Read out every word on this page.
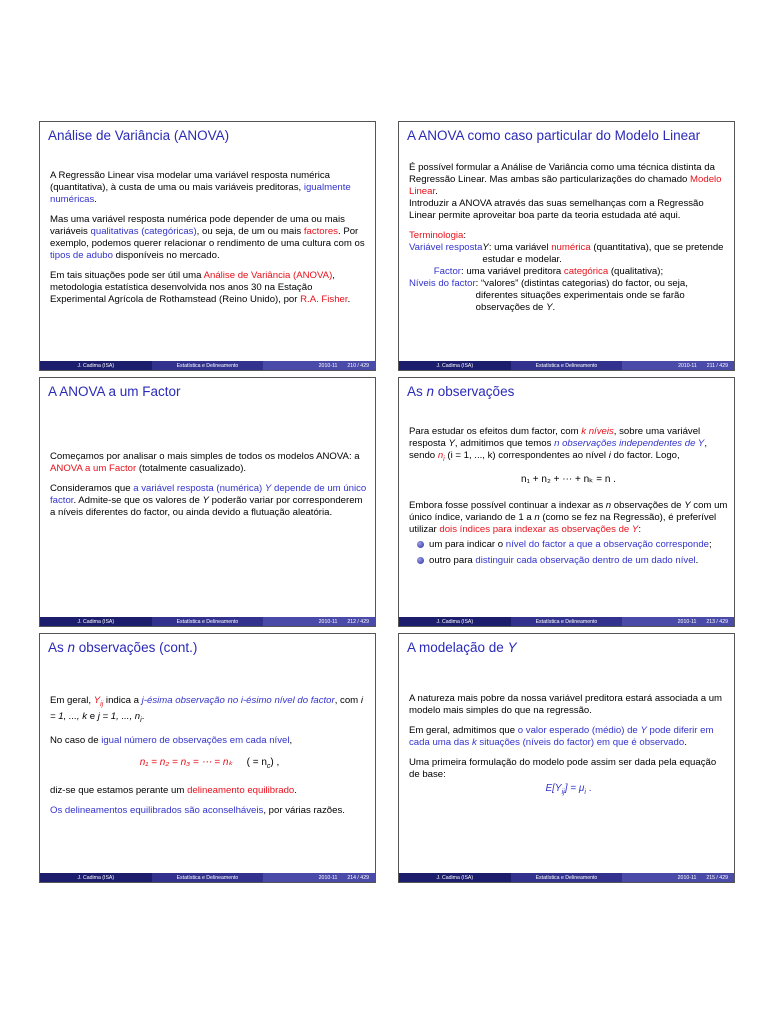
Análise de Variância (ANOVA)

A Regressão Linear visa modelar uma variável resposta numérica (quantitativa), à custa de uma ou mais variáveis preditoras, igualmente numéricas.

Mas uma variável resposta numérica pode depender de uma ou mais variáveis qualitativas (categóricas), ou seja, de um ou mais factores. Por exemplo, podemos querer relacionar o rendimento de uma cultura com os tipos de adubo disponíveis no mercado.

Em tais situações pode ser útil uma Análise de Variância (ANOVA), metodologia estatística desenvolvida nos anos 30 na Estação Experimental Agrícola de Rothamstead (Reino Unido), por R.A. Fisher.

J. Cadima (ISA)	Estatística e Delineamento	2010-11 210 / 429
A ANOVA como caso particular do Modelo Linear

É possível formular a Análise de Variância como uma técnica distinta da Regressão Linear. Mas ambas são particularizações do chamado Modelo Linear.

Introduzir a ANOVA através das suas semelhanças com a Regressão Linear permite aproveitar boa parte da teoria estudada até aqui.

Terminologia:
Variável resposta Y: uma variável numérica (quantitativa), que se pretende estudar e modelar.
Factor : uma variável preditora categórica (qualitativa);
Níveis do factor : “valores” (distintas categorias) do factor, ou seja, diferentes situações experimentais onde se farão observações de Y.
J. Cadima (ISA)	Estatística e Delineamento	2010-11 211 / 429
A ANOVA a um Factor

Começamos por analisar o mais simples de todos os modelos ANOVA: a ANOVA a um Factor (totalmente casualizado).

Consideramos que a variável resposta (numérica) Y depende de um único factor. Admite-se que os valores de Y poderão variar por corresponderem a níveis diferentes do factor, ou ainda devido a flutuação aleatória.

J. Cadima (ISA)	Estatística e Delineamento	2010-11 212 / 429
As n observações

Para estudar os efeitos dum factor, com k níveis, sobre uma variável resposta Y, admitimos que temos n observações independentes de Y, sendo $n_i$ (i = 1, ..., k) correspondentes ao nível i do factor. Logo,

n₁ + n₂ + ⋯ + nₖ = n .

Embora fosse possível continuar a indexar as n observações de Y com um único índice, variando de 1 a n (como se fez na Regressão), é preferível utilizar dois índices para indexar as observações de Y:

um para indicar o nível do factor a que a observação corresponde;
outro para distinguir cada observação dentro de um dado nível.
J. Cadima (ISA)	Estatística e Delineamento	2010-11 213 / 429
As n observações (cont.)

Em geral, $Y_{ij}$ indica a j-ésima observação no i-ésimo nível do factor, com i = 1, ..., k e j = 1, ..., $n_i$.

No caso de igual número de observações em cada nível,

n₁ = n₂ = n₃ = ⋯ = nₖ ( = $n_c$) ,

diz-se que estamos perante um delineamento equilibrado.

Os delineamentos equilibrados são aconselháveis, por várias razões.

J. Cadima (ISA)	Estatística e Delineamento	2010-11 214 / 429
A modelação de Y

A natureza mais pobre da nossa variável preditora estará associada a um modelo mais simples do que na regressão.

Em geral, admitimos que o valor esperado (médio) de Y pode diferir em cada uma das k situações (níveis do factor) em que é observado.

Uma primeira formulação do modelo pode assim ser dada pela equação de base:

$E[Y_{ij}] = \mu_i$ .
J. Cadima (ISA)	Estatística e Delineamento	2010-11 215 / 429
